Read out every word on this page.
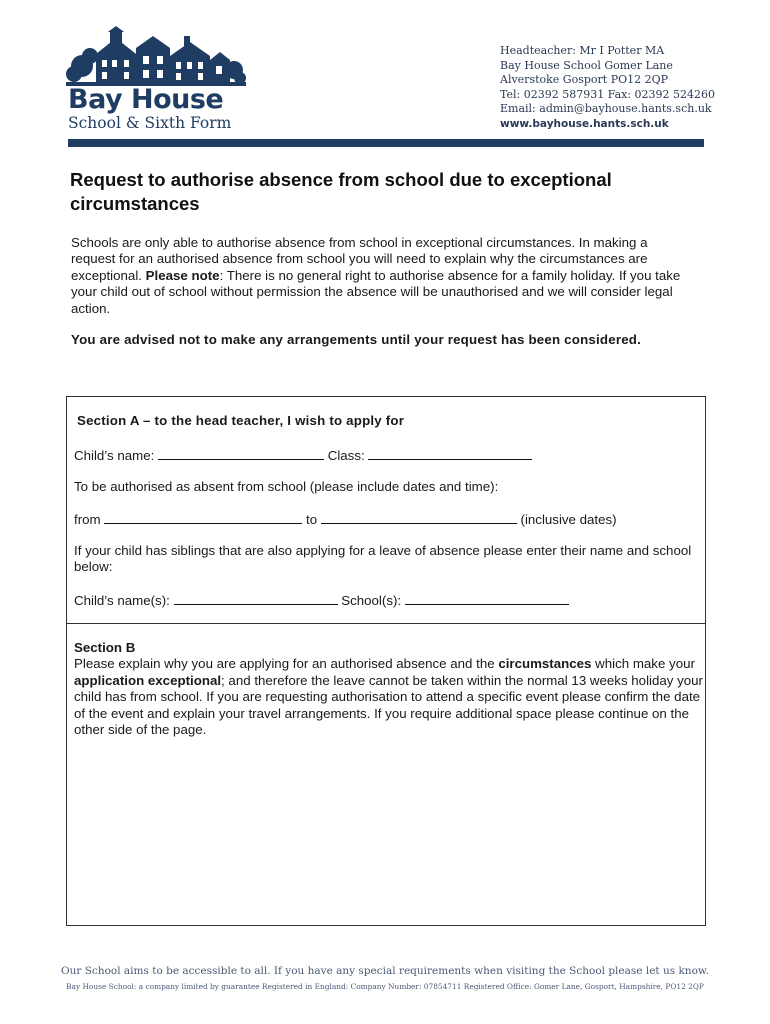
Bay House
School & Sixth Form
Headteacher: Mr I Potter MA
Bay House School Gomer Lane
Alverstoke Gosport PO12 2QP
Tel: 02392 587931 Fax: 02392 524260
Email: admin@bayhouse.hants.sch.uk
www.bayhouse.hants.sch.uk
Request to authorise absence from school due to exceptional circumstances

Schools are only able to authorise absence from school in exceptional circumstances. In making a request for an authorised absence from school you will need to explain why the circumstances are exceptional. Please note: There is no general right to authorise absence for a family holiday. If you take your child out of school without permission the absence will be unauthorised and we will consider legal action.

You are advised not to make any arrangements until your request has been considered.

Section A – to the head teacher, I wish to apply for
Child’s name:	Class:
To be authorised as absent from school (please include dates and time):
from	to	(inclusive dates)
If your child has siblings that are also applying for a leave of absence please enter their name and school below:
Child’s name(s):	School(s):
Section B
Please explain why you are applying for an authorised absence and the circumstances which make your application exceptional; and therefore the leave cannot be taken within the normal 13 weeks holiday your child has from school. If you are requesting authorisation to attend a specific event please confirm the date of the event and explain your travel arrangements. If you require additional space please continue on the other side of the page.
Our School aims to be accessible to all. If you have any special requirements when visiting the School please let us know.
Bay House School: a company limited by guarantee Registered in England: Company Number: 07854711 Registered Office: Gomer Lane, Gosport, Hampshire, PO12 2QP
